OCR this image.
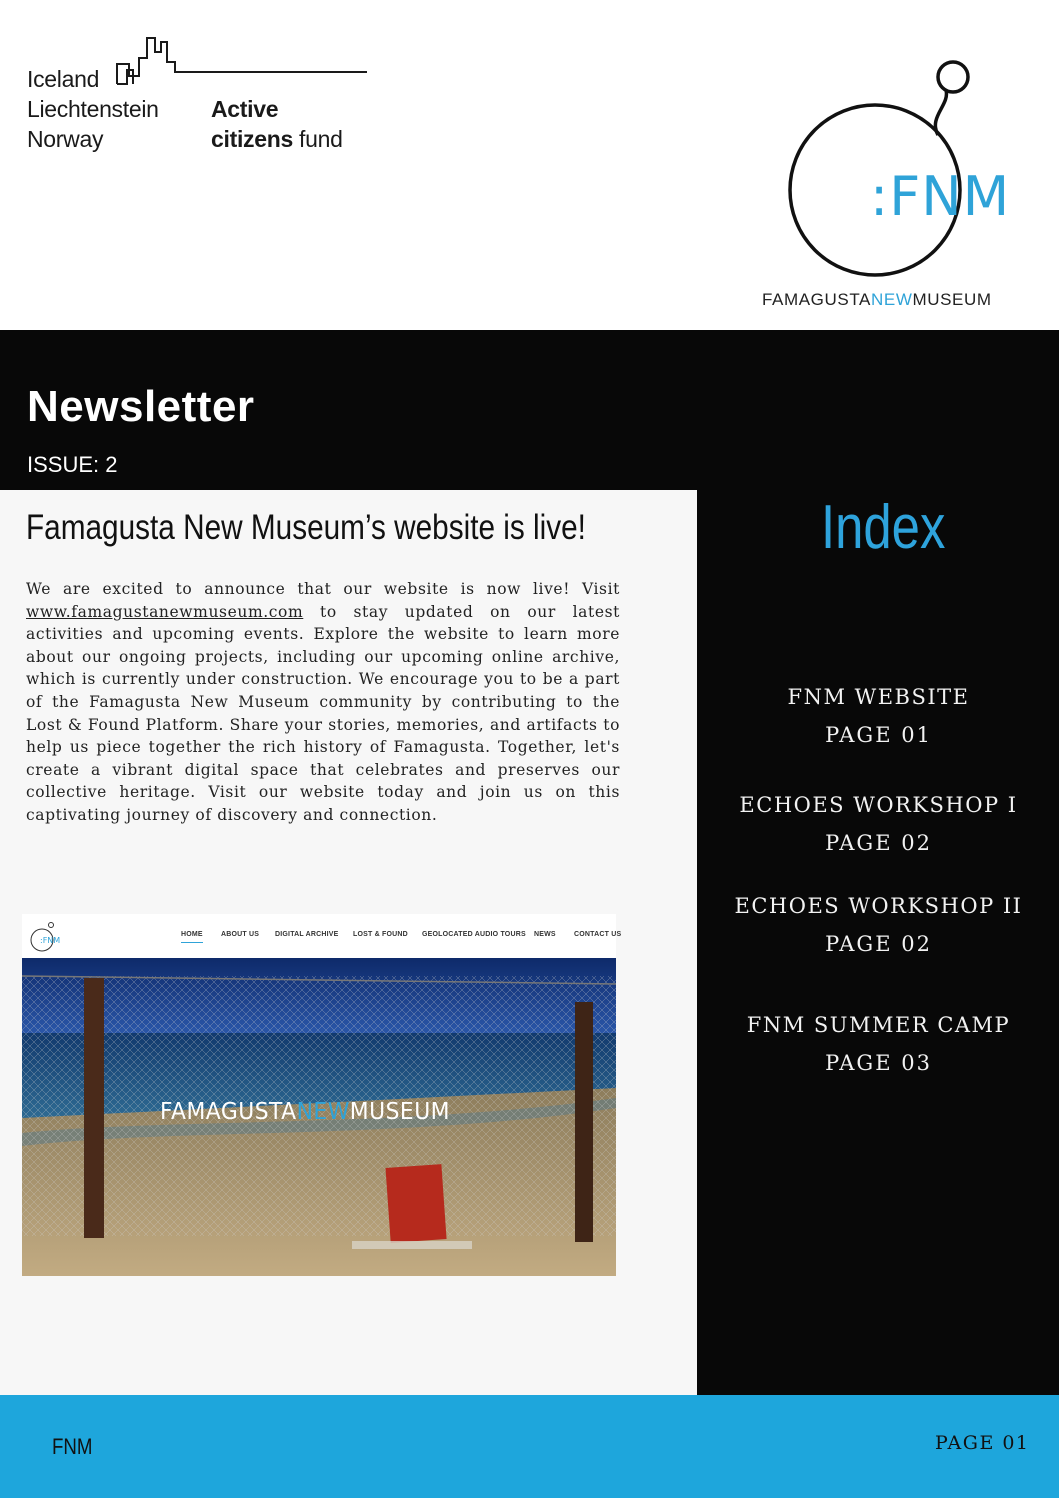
Iceland
Liechtenstein
Norway
Active
citizens fund
:FNM
FAMAGUSTANEWMUSEUM
Newsletter
ISSUE: 2
Famagusta New Museum’s website is live!
We are excited to announce that our website is now live! Visit www.famagustanewmuseum.com to stay updated on our latest activities and upcoming events. Explore the website to learn more about our ongoing projects, including our upcoming online archive, which is currently under construction. We encourage you to be a part of the Famagusta New Museum community by contributing to the Lost & Found Platform. Share your stories, memories, and artifacts to help us piece together the rich history of Famagusta. Together, let's create a vibrant digital space that celebrates and preserves our collective heritage. Visit our website today and join us on this captivating journey of discovery and connection.
:FNM
HOME	ABOUT US DIGITAL ARCHIVE LOST & FOUND GEOLOCATED AUDIO TOURS NEWS	CONTACT US
FAMAGUSTANEWMUSEUM
Index
FNM WEBSITE
PAGE 01
ECHOES WORKSHOP I
PAGE 02
ECHOES WORKSHOP II
PAGE 02
FNM SUMMER CAMP
PAGE 03
FNM	PAGE 01
